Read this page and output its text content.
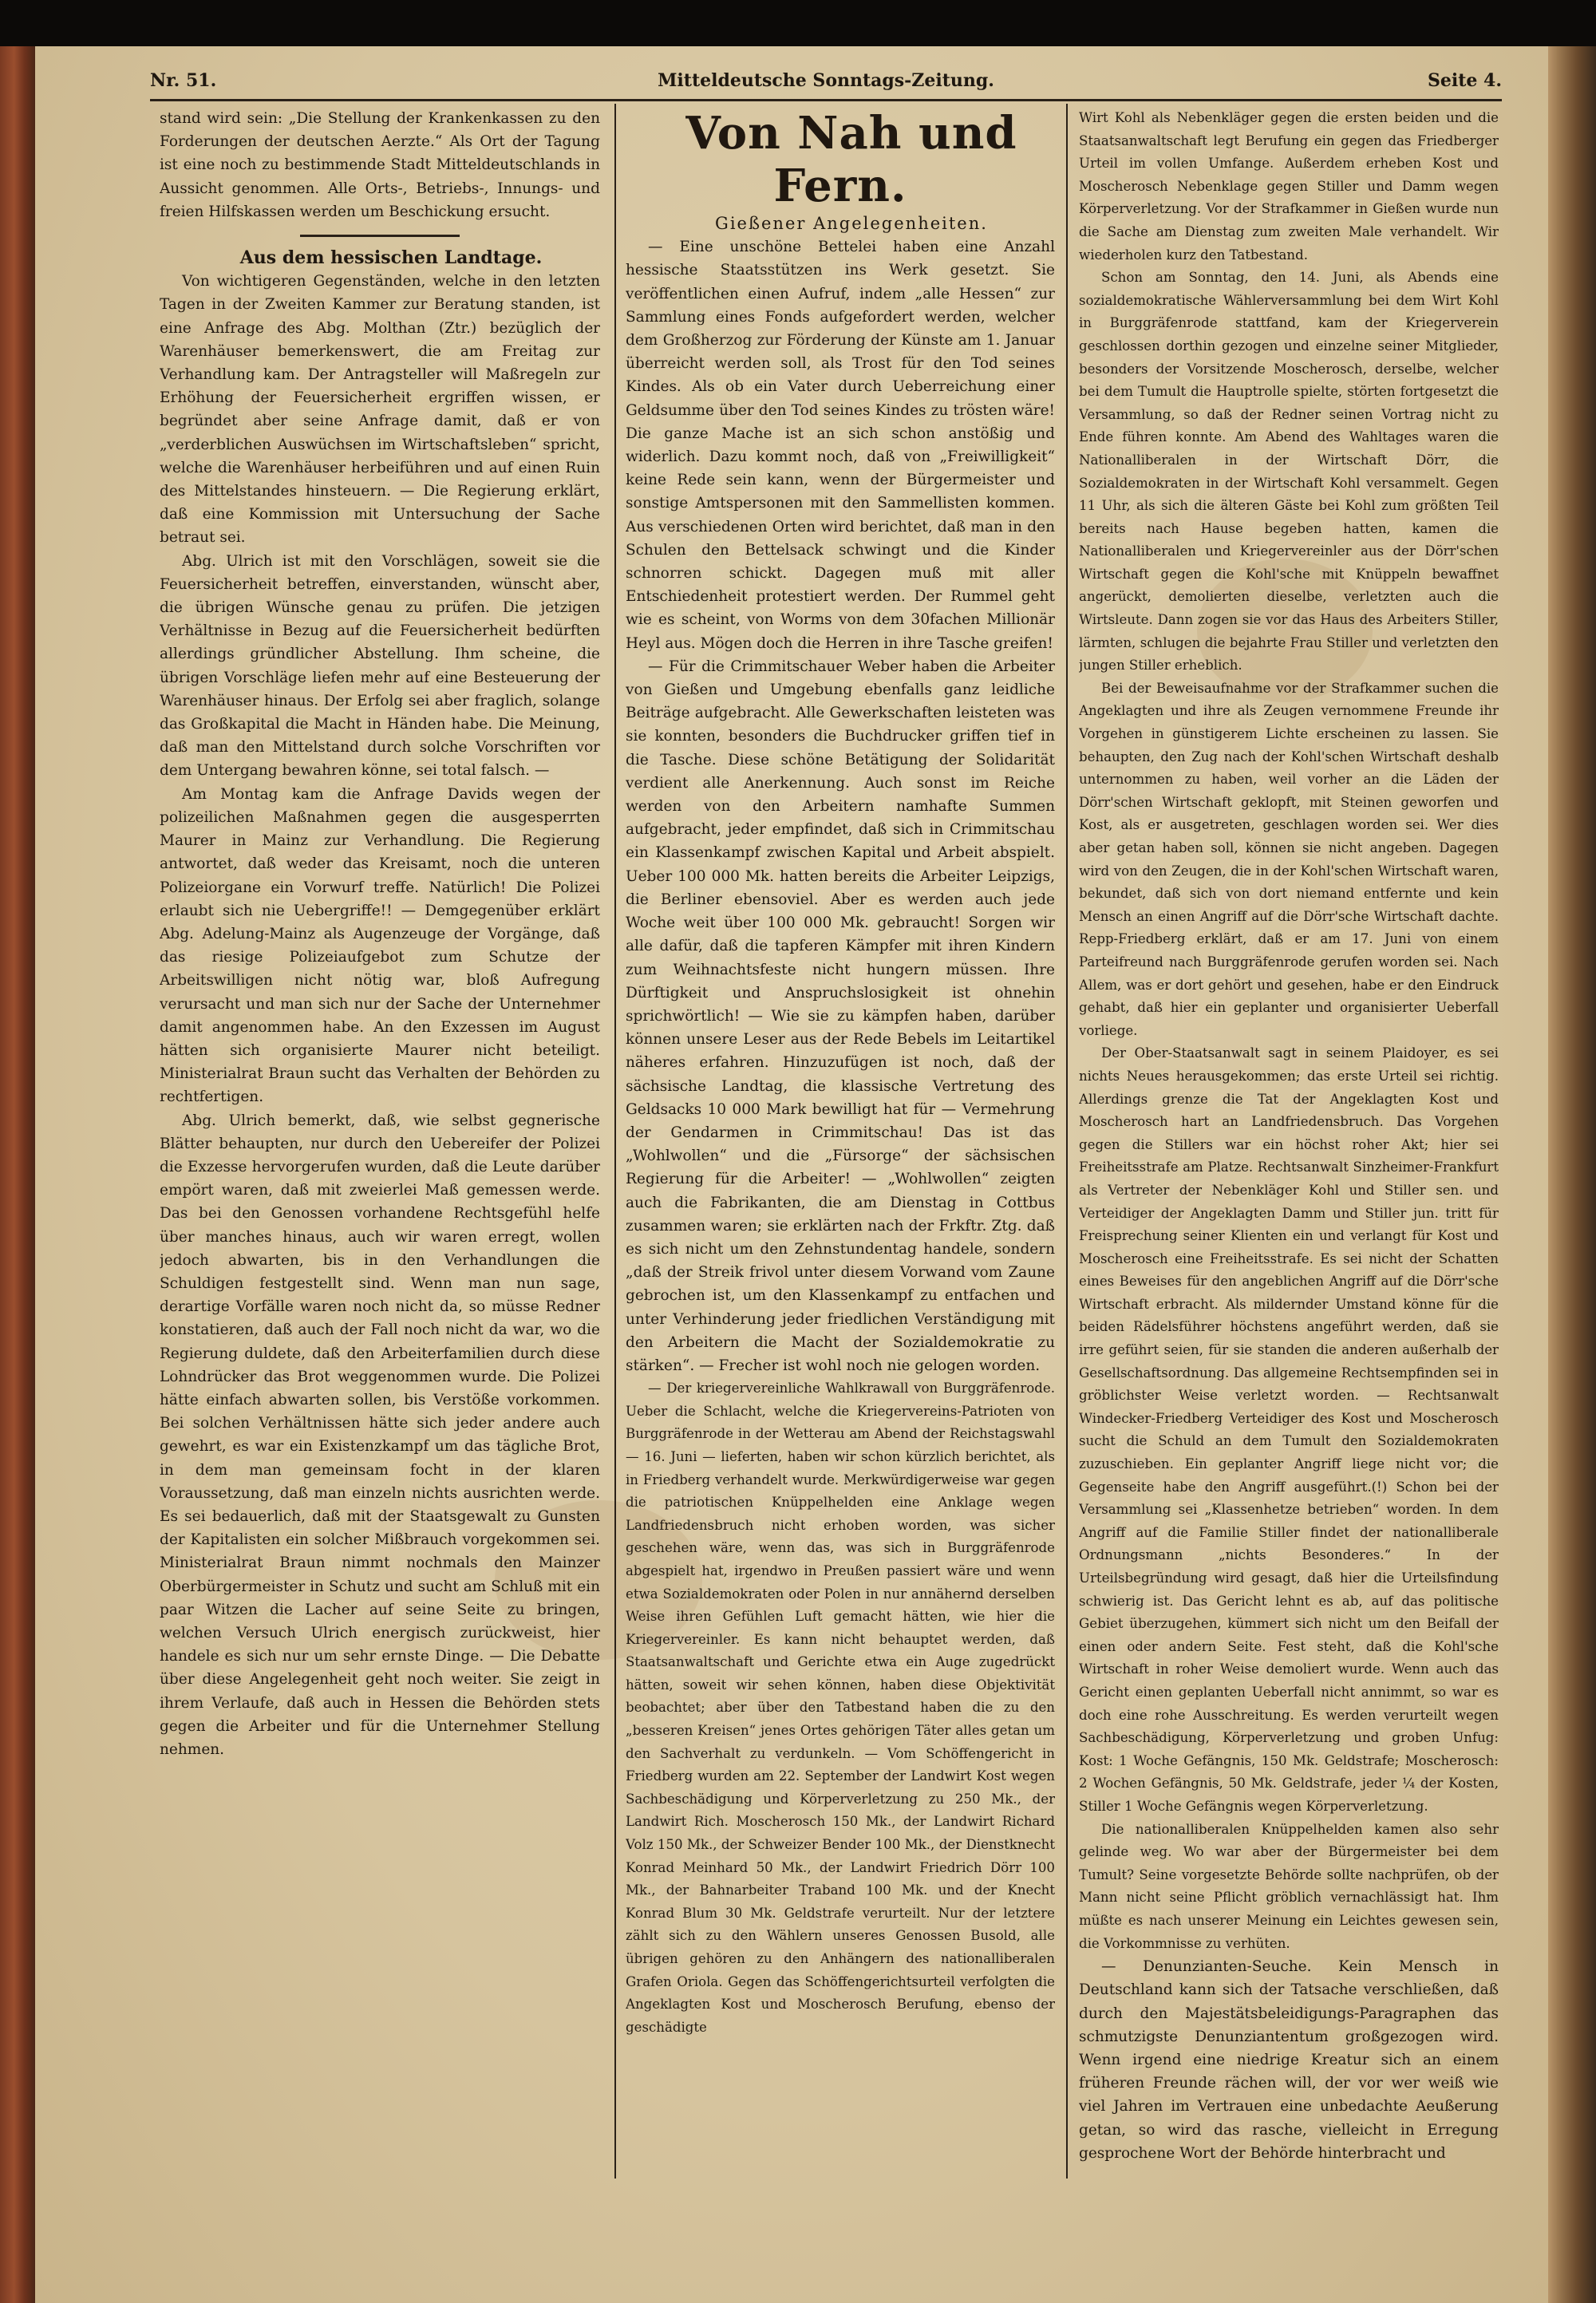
Nr. 51.	Mitteldeutsche Sonntags-Zeitung.	Seite 4.

stand wird sein: „Die Stellung der Krankenkassen zu den Forderungen der deutschen Aerzte.“ Als Ort der Tagung ist eine noch zu bestimmende Stadt Mitteldeutschlands in Aussicht genommen. Alle Orts-, Betriebs-, Innungs- und freien Hilfskassen werden um Beschickung ersucht.

Aus dem hessischen Landtage.

Von wichtigeren Gegenständen, welche in den letzten Tagen in der Zweiten Kammer zur Beratung standen, ist eine Anfrage des Abg. Molthan (Ztr.) bezüglich der Warenhäuser bemerkenswert, die am Freitag zur Verhandlung kam. Der Antragsteller will Maßregeln zur Erhöhung der Feuersicherheit ergriffen wissen, er begründet aber seine Anfrage damit, daß er von „verderblichen Auswüchsen im Wirtschaftsleben“ spricht, welche die Warenhäuser herbeiführen und auf einen Ruin des Mittelstandes hinsteuern. — Die Regierung erklärt, daß eine Kommission mit Untersuchung der Sache betraut sei.

Abg. Ulrich ist mit den Vorschlägen, soweit sie die Feuersicherheit betreffen, einverstanden, wünscht aber, die übrigen Wünsche genau zu prüfen. Die jetzigen Verhältnisse in Bezug auf die Feuersicherheit bedürften allerdings gründlicher Abstellung. Ihm scheine, die übrigen Vorschläge liefen mehr auf eine Besteuerung der Warenhäuser hinaus. Der Erfolg sei aber fraglich, solange das Großkapital die Macht in Händen habe. Die Meinung, daß man den Mittelstand durch solche Vorschriften vor dem Untergang bewahren könne, sei total falsch. —

Am Montag kam die Anfrage Davids wegen der polizeilichen Maßnahmen gegen die ausgesperrten Maurer in Mainz zur Verhandlung. Die Regierung antwortet, daß weder das Kreisamt, noch die unteren Polizeiorgane ein Vorwurf treffe. Natürlich! Die Polizei erlaubt sich nie Uebergriffe!! — Demgegenüber erklärt Abg. Adelung-Mainz als Augenzeuge der Vorgänge, daß das riesige Polizeiaufgebot zum Schutze der Arbeitswilligen nicht nötig war, bloß Aufregung verursacht und man sich nur der Sache der Unternehmer damit angenommen habe. An den Exzessen im August hätten sich organisierte Maurer nicht beteiligt. Ministerialrat Braun sucht das Verhalten der Behörden zu rechtfertigen.

Abg. Ulrich bemerkt, daß, wie selbst gegnerische Blätter behaupten, nur durch den Uebereifer der Polizei die Exzesse hervorgerufen wurden, daß die Leute darüber empört waren, daß mit zweierlei Maß gemessen werde. Das bei den Genossen vorhandene Rechtsgefühl helfe über manches hinaus, auch wir waren erregt, wollen jedoch abwarten, bis in den Verhandlungen die Schuldigen festgestellt sind. Wenn man nun sage, derartige Vorfälle waren noch nicht da, so müsse Redner konstatieren, daß auch der Fall noch nicht da war, wo die Regierung duldete, daß den Arbeiterfamilien durch diese Lohndrücker das Brot weggenommen wurde. Die Polizei hätte einfach abwarten sollen, bis Verstöße vorkommen. Bei solchen Verhältnissen hätte sich jeder andere auch gewehrt, es war ein Existenzkampf um das tägliche Brot, in dem man gemeinsam focht in der klaren Voraussetzung, daß man einzeln nichts ausrichten werde. Es sei bedauerlich, daß mit der Staatsgewalt zu Gunsten der Kapitalisten ein solcher Mißbrauch vorgekommen sei. Ministerialrat Braun nimmt nochmals den Mainzer Oberbürgermeister in Schutz und sucht am Schluß mit ein paar Witzen die Lacher auf seine Seite zu bringen, welchen Versuch Ulrich energisch zurückweist, hier handele es sich nur um sehr ernste Dinge. — Die Debatte über diese Angelegenheit geht noch weiter. Sie zeigt in ihrem Verlaufe, daß auch in Hessen die Behörden stets gegen die Arbeiter und für die Unternehmer Stellung nehmen.

Von Nah und Fern.

Gießener Angelegenheiten.

— Eine unschöne Bettelei haben eine Anzahl hessische Staatsstützen ins Werk gesetzt. Sie veröffentlichen einen Aufruf, indem „alle Hessen“ zur Sammlung eines Fonds aufgefordert werden, welcher dem Großherzog zur Förderung der Künste am 1. Januar überreicht werden soll, als Trost für den Tod seines Kindes. Als ob ein Vater durch Ueberreichung einer Geldsumme über den Tod seines Kindes zu trösten wäre! Die ganze Mache ist an sich schon anstößig und widerlich. Dazu kommt noch, daß von „Freiwilligkeit“ keine Rede sein kann, wenn der Bürgermeister und sonstige Amtspersonen mit den Sammellisten kommen. Aus verschiedenen Orten wird berichtet, daß man in den Schulen den Bettelsack schwingt und die Kinder schnorren schickt. Dagegen muß mit aller Entschiedenheit protestiert werden. Der Rummel geht wie es scheint, von Worms von dem 30fachen Millionär Heyl aus. Mögen doch die Herren in ihre Tasche greifen!

— Für die Crimmitschauer Weber haben die Arbeiter von Gießen und Umgebung ebenfalls ganz leidliche Beiträge aufgebracht. Alle Gewerkschaften leisteten was sie konnten, besonders die Buchdrucker griffen tief in die Tasche. Diese schöne Betätigung der Solidarität verdient alle Anerkennung. Auch sonst im Reiche werden von den Arbeitern namhafte Summen aufgebracht, jeder empfindet, daß sich in Crimmitschau ein Klassenkampf zwischen Kapital und Arbeit abspielt. Ueber 100 000 Mk. hatten bereits die Arbeiter Leipzigs, die Berliner ebensoviel. Aber es werden auch jede Woche weit über 100 000 Mk. gebraucht! Sorgen wir alle dafür, daß die tapferen Kämpfer mit ihren Kindern zum Weihnachtsfeste nicht hungern müssen. Ihre Dürftigkeit und Anspruchslosigkeit ist ohnehin sprichwörtlich! — Wie sie zu kämpfen haben, darüber können unsere Leser aus der Rede Bebels im Leitartikel näheres erfahren. Hinzuzufügen ist noch, daß der sächsische Landtag, die klassische Vertretung des Geldsacks 10 000 Mark bewilligt hat für — Vermehrung der Gendarmen in Crimmitschau! Das ist das „Wohlwollen“ und die „Fürsorge“ der sächsischen Regierung für die Arbeiter! — „Wohlwollen“ zeigten auch die Fabrikanten, die am Dienstag in Cottbus zusammen waren; sie erklärten nach der Frkftr. Ztg. daß es sich nicht um den Zehnstundentag handele, sondern „daß der Streik frivol unter diesem Vorwand vom Zaune gebrochen ist, um den Klassenkampf zu entfachen und unter Verhinderung jeder friedlichen Verständigung mit den Arbeitern die Macht der Sozialdemokratie zu stärken“. — Frecher ist wohl noch nie gelogen worden.

— Der kriegervereinliche Wahlkrawall von Burggräfenrode. Ueber die Schlacht, welche die Kriegervereins-Patrioten von Burggräfenrode in der Wetterau am Abend der Reichstagswahl — 16. Juni — lieferten, haben wir schon kürzlich berichtet, als in Friedberg verhandelt wurde. Merkwürdigerweise war gegen die patriotischen Knüppelhelden eine Anklage wegen Landfriedensbruch nicht erhoben worden, was sicher geschehen wäre, wenn das, was sich in Burggräfenrode abgespielt hat, irgendwo in Preußen passiert wäre und wenn etwa Sozialdemokraten oder Polen in nur annähernd derselben Weise ihren Gefühlen Luft gemacht hätten, wie hier die Kriegervereinler. Es kann nicht behauptet werden, daß Staatsanwaltschaft und Gerichte etwa ein Auge zugedrückt hätten, soweit wir sehen können, haben diese Objektivität beobachtet; aber über den Tatbestand haben die zu den „besseren Kreisen“ jenes Ortes gehörigen Täter alles getan um den Sachverhalt zu verdunkeln. — Vom Schöffengericht in Friedberg wurden am 22. September der Landwirt Kost wegen Sachbeschädigung und Körperverletzung zu 250 Mk., der Landwirt Rich. Moscherosch 150 Mk., der Landwirt Richard Volz 150 Mk., der Schweizer Bender 100 Mk., der Dienstknecht Konrad Meinhard 50 Mk., der Landwirt Friedrich Dörr 100 Mk., der Bahnarbeiter Traband 100 Mk. und der Knecht Konrad Blum 30 Mk. Geldstrafe verurteilt. Nur der letztere zählt sich zu den Wählern unseres Genossen Busold, alle übrigen gehören zu den Anhängern des nationalliberalen Grafen Oriola. Gegen das Schöffengerichtsurteil verfolgten die Angeklagten Kost und Moscherosch Berufung, ebenso der geschädigte

Wirt Kohl als Nebenkläger gegen die ersten beiden und die Staatsanwaltschaft legt Berufung ein gegen das Friedberger Urteil im vollen Umfange. Außerdem erheben Kost und Moscherosch Nebenklage gegen Stiller und Damm wegen Körperverletzung. Vor der Strafkammer in Gießen wurde nun die Sache am Dienstag zum zweiten Male verhandelt. Wir wiederholen kurz den Tatbestand.

Schon am Sonntag, den 14. Juni, als Abends eine sozialdemokratische Wählerversammlung bei dem Wirt Kohl in Burggräfenrode stattfand, kam der Kriegerverein geschlossen dorthin gezogen und einzelne seiner Mitglieder, besonders der Vorsitzende Moscherosch, derselbe, welcher bei dem Tumult die Hauptrolle spielte, störten fortgesetzt die Versammlung, so daß der Redner seinen Vortrag nicht zu Ende führen konnte. Am Abend des Wahltages waren die Nationalliberalen in der Wirtschaft Dörr, die Sozialdemokraten in der Wirtschaft Kohl versammelt. Gegen 11 Uhr, als sich die älteren Gäste bei Kohl zum größten Teil bereits nach Hause begeben hatten, kamen die Nationalliberalen und Kriegervereinler aus der Dörr'schen Wirtschaft gegen die Kohl'sche mit Knüppeln bewaffnet angerückt, demolierten dieselbe, verletzten auch die Wirtsleute. Dann zogen sie vor das Haus des Arbeiters Stiller, lärmten, schlugen die bejahrte Frau Stiller und verletzten den jungen Stiller erheblich.

Bei der Beweisaufnahme vor der Strafkammer suchen die Angeklagten und ihre als Zeugen vernommene Freunde ihr Vorgehen in günstigerem Lichte erscheinen zu lassen. Sie behaupten, den Zug nach der Kohl'schen Wirtschaft deshalb unternommen zu haben, weil vorher an die Läden der Dörr'schen Wirtschaft geklopft, mit Steinen geworfen und Kost, als er ausgetreten, geschlagen worden sei. Wer dies aber getan haben soll, können sie nicht angeben. Dagegen wird von den Zeugen, die in der Kohl'schen Wirtschaft waren, bekundet, daß sich von dort niemand entfernte und kein Mensch an einen Angriff auf die Dörr'sche Wirtschaft dachte. Repp-Friedberg erklärt, daß er am 17. Juni von einem Parteifreund nach Burggräfenrode gerufen worden sei. Nach Allem, was er dort gehört und gesehen, habe er den Eindruck gehabt, daß hier ein geplanter und organisierter Ueberfall vorliege.

Der Ober-Staatsanwalt sagt in seinem Plaidoyer, es sei nichts Neues herausgekommen; das erste Urteil sei richtig. Allerdings grenze die Tat der Angeklagten Kost und Moscherosch hart an Landfriedensbruch. Das Vorgehen gegen die Stillers war ein höchst roher Akt; hier sei Freiheitsstrafe am Platze. Rechtsanwalt Sinzheimer-Frankfurt als Vertreter der Nebenkläger Kohl und Stiller sen. und Verteidiger der Angeklagten Damm und Stiller jun. tritt für Freisprechung seiner Klienten ein und verlangt für Kost und Moscherosch eine Freiheitsstrafe. Es sei nicht der Schatten eines Beweises für den angeblichen Angriff auf die Dörr'sche Wirtschaft erbracht. Als mildernder Umstand könne für die beiden Rädelsführer höchstens angeführt werden, daß sie irre geführt seien, für sie standen die anderen außerhalb der Gesellschaftsordnung. Das allgemeine Rechtsempfinden sei in gröblichster Weise verletzt worden. — Rechtsanwalt Windecker-Friedberg Verteidiger des Kost und Moscherosch sucht die Schuld an dem Tumult den Sozialdemokraten zuzuschieben. Ein geplanter Angriff liege nicht vor; die Gegenseite habe den Angriff ausgeführt.(!) Schon bei der Versammlung sei „Klassenhetze betrieben“ worden. In dem Angriff auf die Familie Stiller findet der nationalliberale Ordnungsmann „nichts Besonderes.“ In der Urteilsbegründung wird gesagt, daß hier die Urteilsfindung schwierig ist. Das Gericht lehnt es ab, auf das politische Gebiet überzugehen, kümmert sich nicht um den Beifall der einen oder andern Seite. Fest steht, daß die Kohl'sche Wirtschaft in roher Weise demoliert wurde. Wenn auch das Gericht einen geplanten Ueberfall nicht annimmt, so war es doch eine rohe Ausschreitung. Es werden verurteilt wegen Sachbeschädigung, Körperverletzung und groben Unfug: Kost: 1 Woche Gefängnis, 150 Mk. Geldstrafe; Moscherosch: 2 Wochen Gefängnis, 50 Mk. Geldstrafe, jeder ¼ der Kosten, Stiller 1 Woche Gefängnis wegen Körperverletzung.

Die nationalliberalen Knüppelhelden kamen also sehr gelinde weg. Wo war aber der Bürgermeister bei dem Tumult? Seine vorgesetzte Behörde sollte nachprüfen, ob der Mann nicht seine Pflicht gröblich vernachlässigt hat. Ihm müßte es nach unserer Meinung ein Leichtes gewesen sein, die Vorkommnisse zu verhüten.

— Denunzianten-Seuche. Kein Mensch in Deutschland kann sich der Tatsache verschließen, daß durch den Majestätsbeleidigungs-Paragraphen das schmutzigste Denunziantentum großgezogen wird. Wenn irgend eine niedrige Kreatur sich an einem früheren Freunde rächen will, der vor wer weiß wie viel Jahren im Vertrauen eine unbedachte Aeußerung getan, so wird das rasche, vielleicht in Erregung gesprochene Wort der Behörde hinterbracht und
